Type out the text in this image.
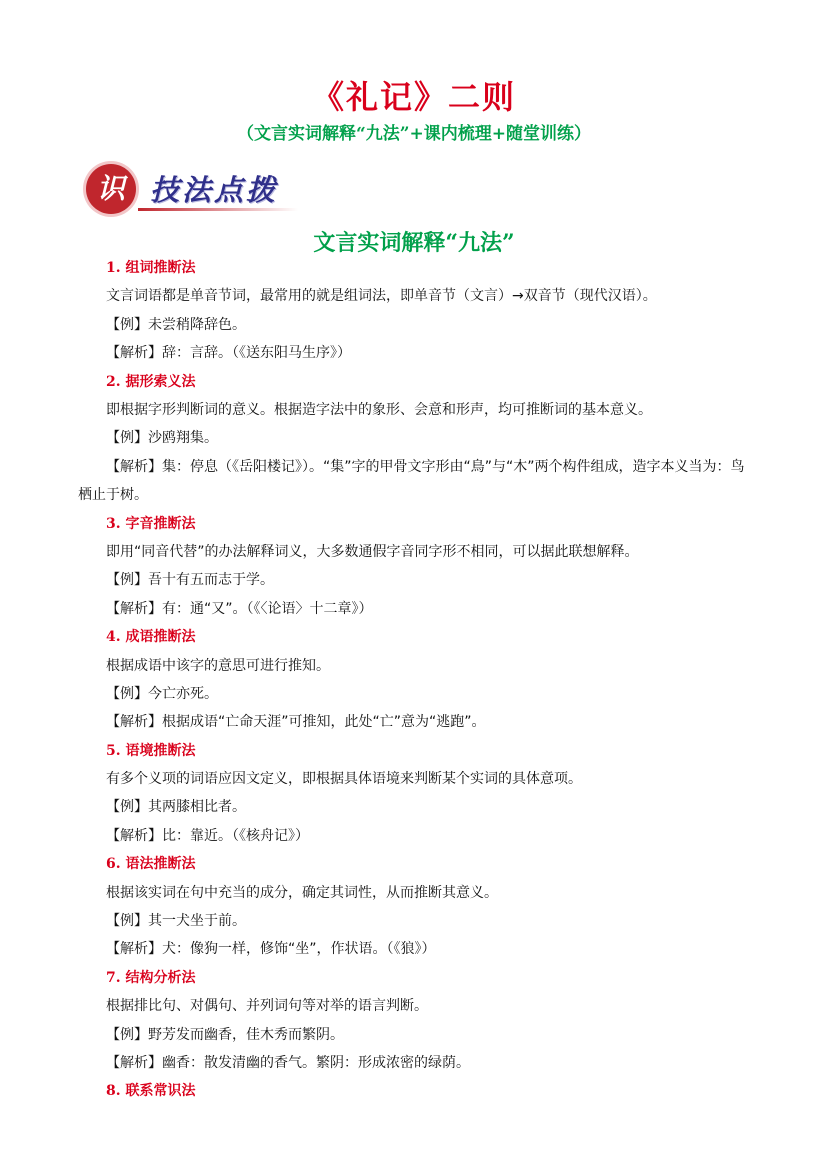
《礼记》二则
（文言实词解释“九法”+课内梳理+随堂训练）
识 技法点拨
文言实词解释“九法”
1. 组词推断法
文言词语都是单音节词，最常用的就是组词法，即单音节（文言）→双音节（现代汉语）。
【例】未尝稍降辞色。
【解析】辞：言辞。（《送东阳马生序》）
2. 据形索义法
即根据字形判断词的意义。根据造字法中的象形、会意和形声，均可推断词的基本意义。
【例】沙鸥翔集。
【解析】集：停息（《岳阳楼记》）。“集”字的甲骨文字形由“鳥”与“木”两个构件组成，造字本义当为：鸟栖止于树。
3. 字音推断法
即用“同音代替”的办法解释词义，大多数通假字音同字形不相同，可以据此联想解释。
【例】吾十有五而志于学。
【解析】有：通“又”。（《〈论语〉十二章》）
4. 成语推断法
根据成语中该字的意思可进行推知。
【例】今亡亦死。
【解析】根据成语“亡命天涯”可推知，此处“亡”意为“逃跑”。
5. 语境推断法
有多个义项的词语应因文定义，即根据具体语境来判断某个实词的具体意项。
【例】其两膝相比者。
【解析】比：靠近。（《核舟记》）
6. 语法推断法
根据该实词在句中充当的成分，确定其词性，从而推断其意义。
【例】其一犬坐于前。
【解析】犬：像狗一样，修饰“坐”，作状语。（《狼》）
7. 结构分析法
根据排比句、对偶句、并列词句等对举的语言判断。
【例】野芳发而幽香，佳木秀而繁阴。
【解析】幽香：散发清幽的香气。繁阴：形成浓密的绿荫。
8. 联系常识法
